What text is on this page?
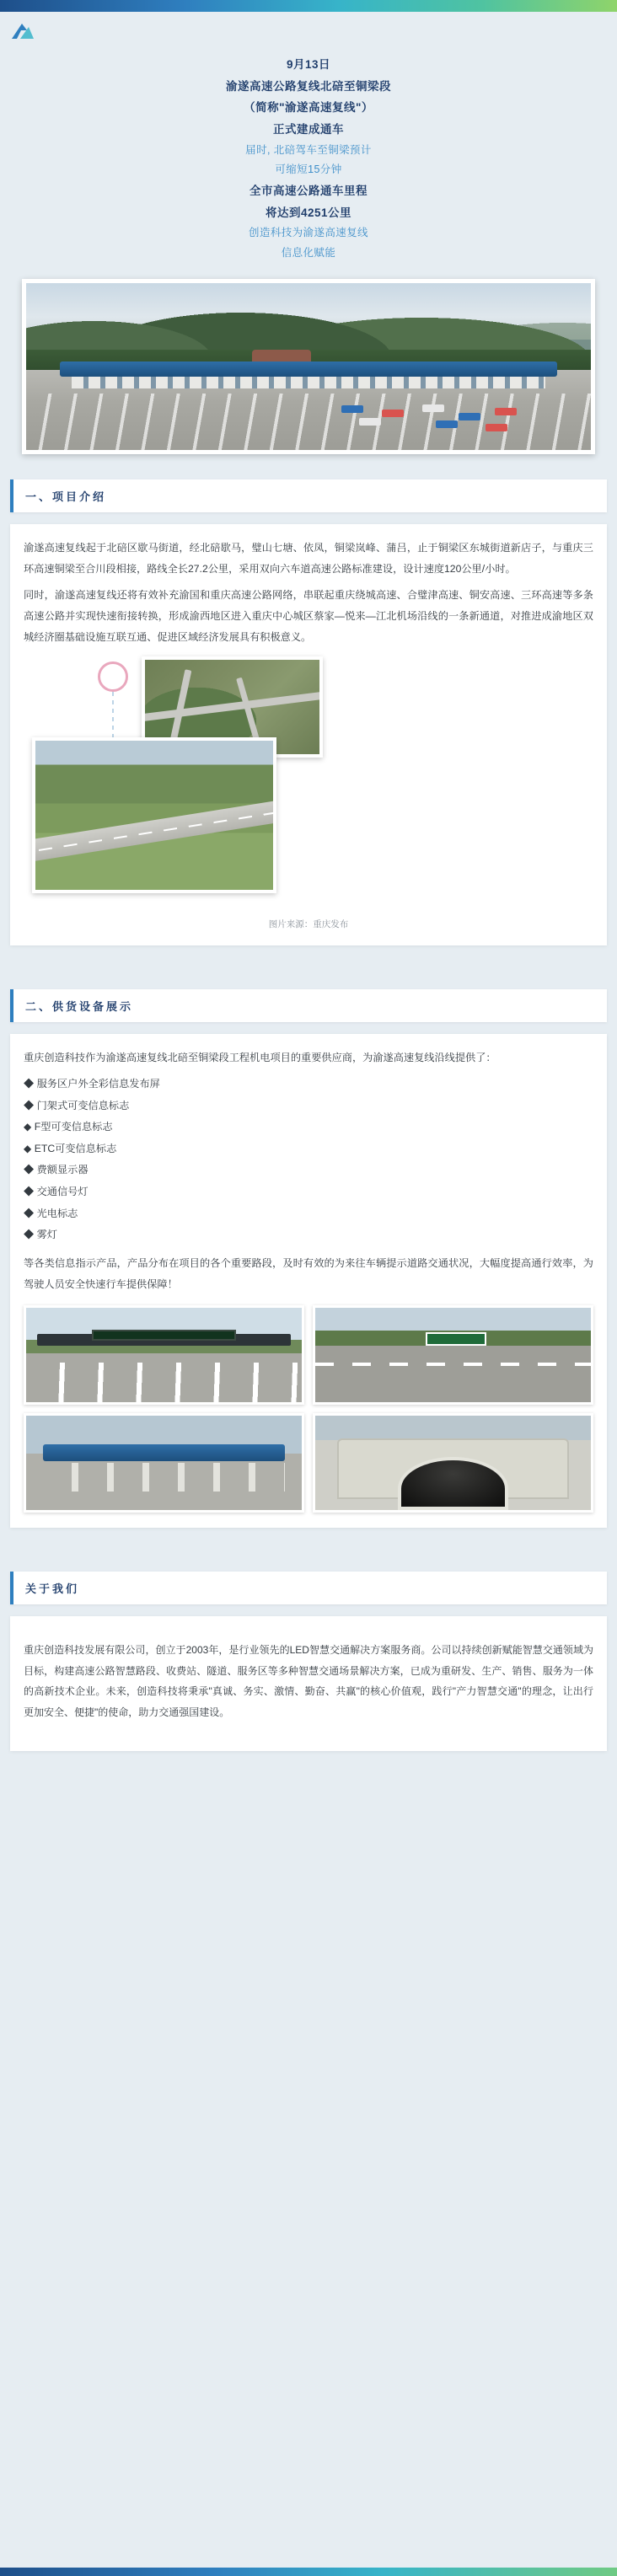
9月13日
渝遂高速公路复线北碚至铜梁段
（简称"渝遂高速复线"）
正式建成通车
届时, 北碚驾车至铜梁预计
可缩短15分钟
全市高速公路通车里程
将达到4251公里
创造科技为渝遂高速复线
信息化赋能
一、项目介绍

渝遂高速复线起于北碚区歇马街道，经北碚歇马，璧山七塘、依凤，铜梁岚峰、蒲吕，止于铜梁区东城街道新店子，与重庆三环高速铜梁至合川段相接，路线全长27.2公里，采用双向六车道高速公路标准建设，设计速度120公里/小时。

同时，渝遂高速复线还将有效补充渝国和重庆高速公路网络，串联起重庆绕城高速、合璧津高速、铜安高速、三环高速等多条高速公路并实现快速衔接转换，形成渝西地区进入重庆中心城区蔡家—悦来—江北机场沿线的一条新通道，对推进成渝地区双城经济圈基础设施互联互通、促进区域经济发展具有积极意义。

图片来源：重庆发布
二、供货设备展示

重庆创造科技作为渝遂高速复线北碚至铜梁段工程机电项目的重要供应商，为渝遂高速复线沿线提供了：

◆ 服务区户外全彩信息发布屏
◆ 门架式可变信息标志
◆ F型可变信息标志
◆ ETC可变信息标志
◆ 费额显示器
◆ 交通信号灯
◆ 光电标志
◆ 雾灯

等各类信息指示产品，产品分布在项目的各个重要路段，及时有效的为来往车辆提示道路交通状况，大幅度提高通行效率，为驾驶人员安全快速行车提供保障！

关于我们

重庆创造科技发展有限公司，创立于2003年，是行业领先的LED智慧交通解决方案服务商。公司以持续创新赋能智慧交通领域为目标，构建高速公路智慧路段、收费站、隧道、服务区等多种智慧交通场景解决方案，已成为重研发、生产、销售、服务为一体的高新技术企业。未来，创造科技将秉承"真诚、务实、激情、勤奋、共赢"的核心价值观，践行"产力智慧交通"的理念，让出行更加安全、便捷"的使命，助力交通强国建设。
